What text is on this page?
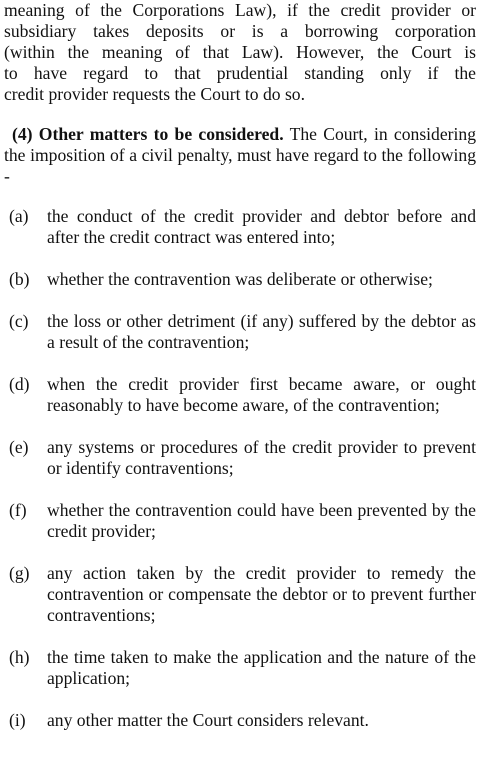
meaning of the Corporations Law), if the credit provider or
subsidiary takes deposits or is a borrowing corporation
(within the meaning of that Law). However, the Court is
to have regard to that prudential standing only if the
credit provider requests the Court to do so.

(4) Other matters to be considered. The Court, in considering the imposition of a civil penalty, must have regard to the following -

(a)	the conduct of the credit provider and debtor before and after the credit contract was entered into;
(b) whether the contravention was deliberate or otherwise;
(c)	the loss or other detriment (if any) suffered by the debtor as a result of the contravention;
(d) when the credit provider first became aware, or ought reasonably to have become aware, of the contravention;
(e)	any systems or procedures of the credit provider to prevent or identify contraventions;
(f)	whether the contravention could have been prevented by the credit provider;
(g) any action taken by the credit provider to remedy the contravention or compensate the debtor or to prevent further contraventions;
(h) the time taken to make the application and the nature of the application;
(i)	any other matter the Court considers relevant.
